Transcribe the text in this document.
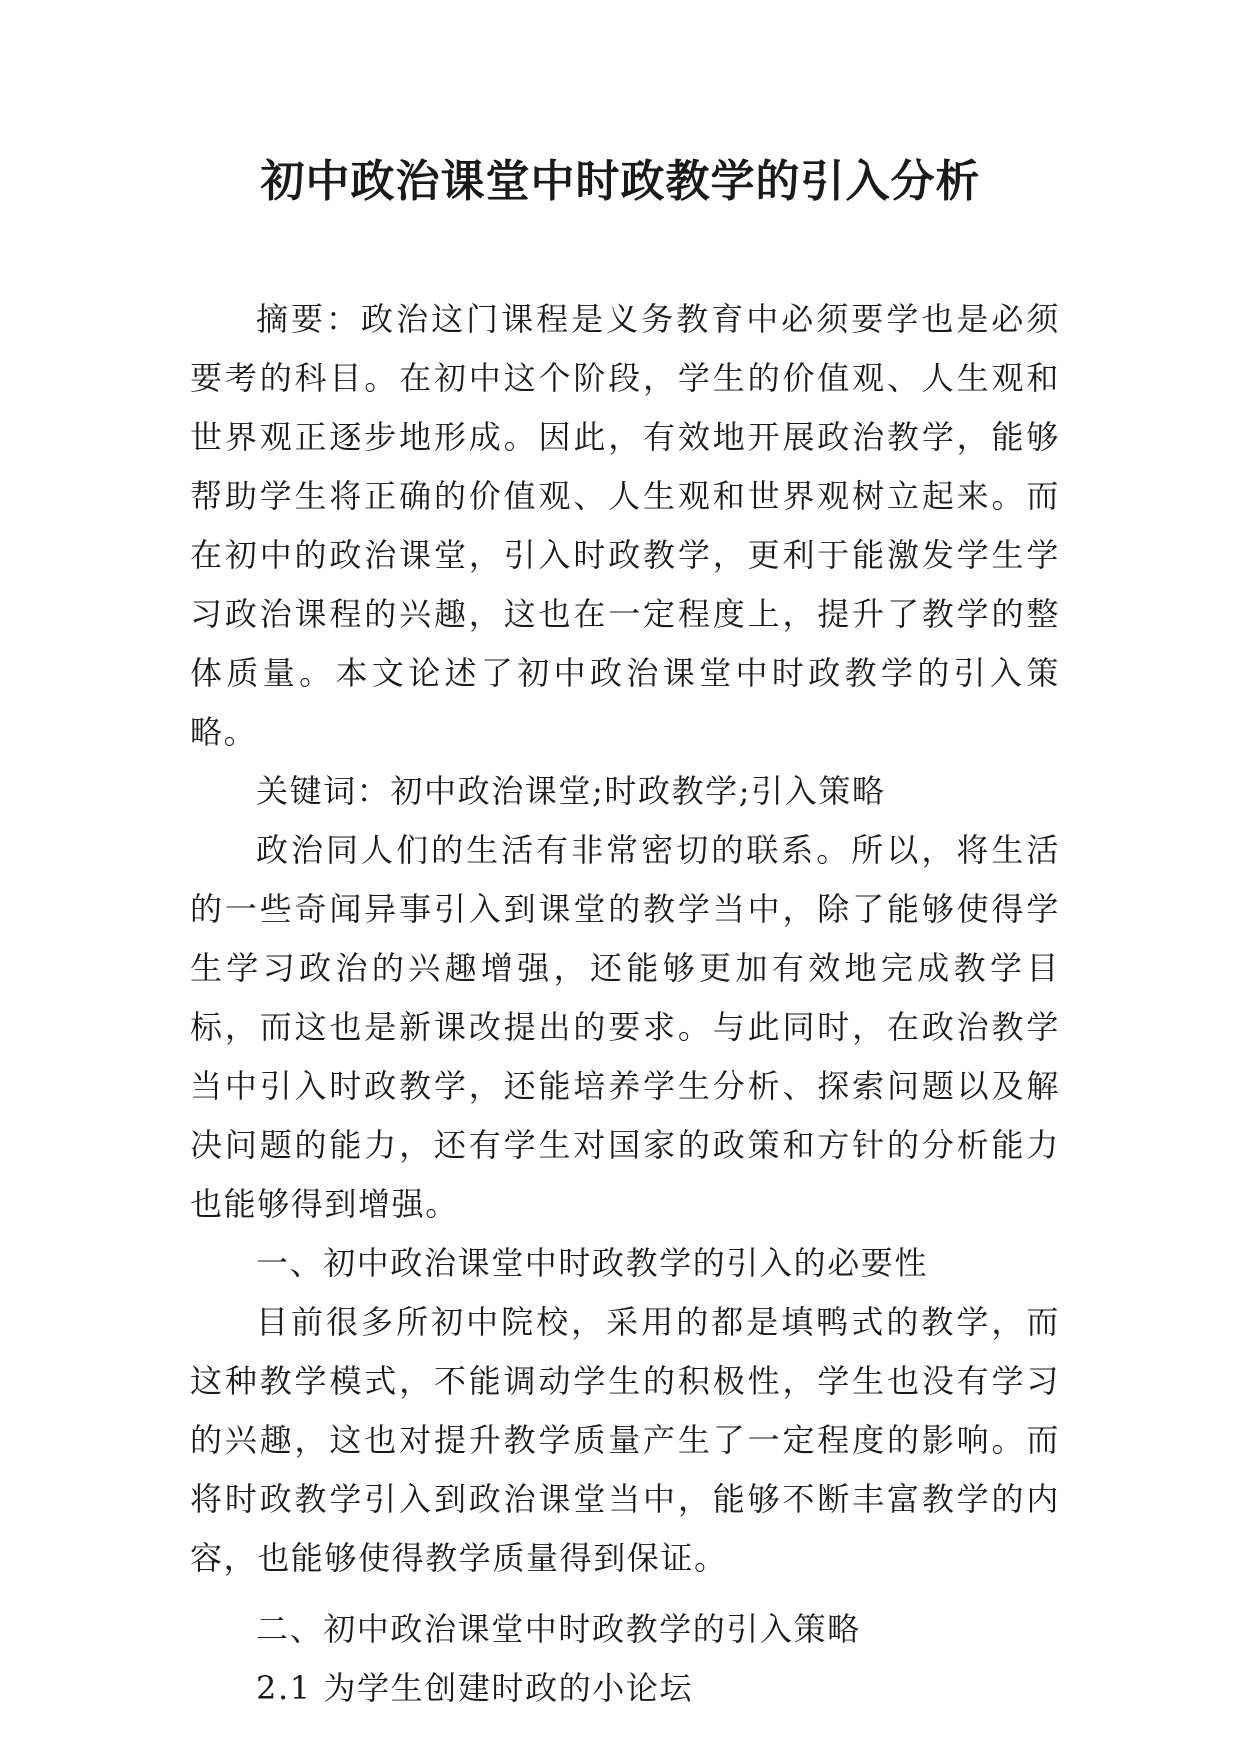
初中政治课堂中时政教学的引入分析

摘要：政治这门课程是义务教育中必须要学也是必须要考的科目。在初中这个阶段，学生的价值观、人生观和世界观正逐步地形成。因此，有效地开展政治教学，能够帮助学生将正确的价值观、人生观和世界观树立起来。而在初中的政治课堂，引入时政教学，更利于能激发学生学习政治课程的兴趣，这也在一定程度上，提升了教学的整体质量。本文论述了初中政治课堂中时政教学的引入策略。

关键词：初中政治课堂;时政教学;引入策略

政治同人们的生活有非常密切的联系。所以，将生活的一些奇闻异事引入到课堂的教学当中，除了能够使得学生学习政治的兴趣增强，还能够更加有效地完成教学目标，而这也是新课改提出的要求。与此同时，在政治教学当中引入时政教学，还能培养学生分析、探索问题以及解决问题的能力，还有学生对国家的政策和方针的分析能力也能够得到增强。

一、初中政治课堂中时政教学的引入的必要性

目前很多所初中院校，采用的都是填鸭式的教学，而这种教学模式，不能调动学生的积极性，学生也没有学习的兴趣，这也对提升教学质量产生了一定程度的影响。而将时政教学引入到政治课堂当中，能够不断丰富教学的内容，也能够使得教学质量得到保证。

二、初中政治课堂中时政教学的引入策略

2.1 为学生创建时政的小论坛
